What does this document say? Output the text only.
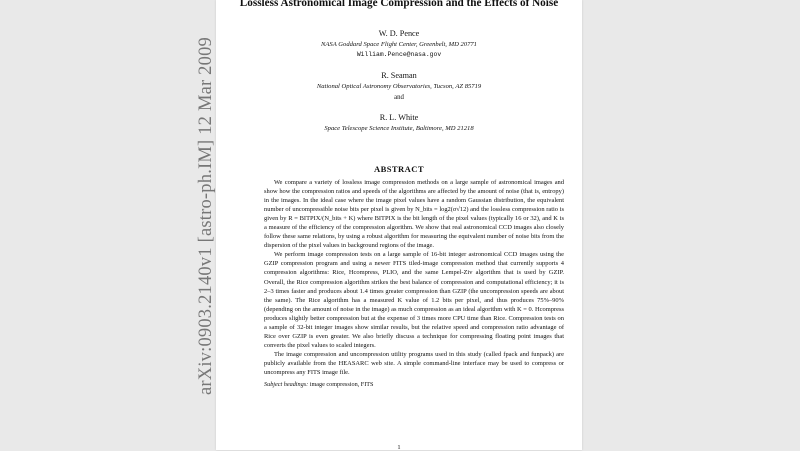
arXiv:0903.2140v1 [astro-ph.IM] 12 Mar 2009
Lossless Astronomical Image Compression and the Effects of Noise
W. D. Pence
NASA Goddard Space Flight Center, Greenbelt, MD 20771
William.Pence@nasa.gov
R. Seaman
National Optical Astronomy Observatories, Tucson, AZ 85719
and
R. L. White
Space Telescope Science Institute, Baltimore, MD 21218
ABSTRACT

We compare a variety of lossless image compression methods on a large sample of astronomical images and show how the compression ratios and speeds of the algorithms are affected by the amount of noise (that is, entropy) in the images. In the ideal case where the image pixel values have a random Gaussian distribution, the equivalent number of uncompressible noise bits per pixel is given by N_bits = log2(σ√12) and the lossless compression ratio is given by R = BITPIX/(N_bits + K) where BITPIX is the bit length of the pixel values (typically 16 or 32), and K is a measure of the efficiency of the compression algorithm. We show that real astronomical CCD images also closely follow these same relations, by using a robust algorithm for measuring the equivalent number of noise bits from the dispersion of the pixel values in background regions of the image.

We perform image compression tests on a large sample of 16-bit integer astronomical CCD images using the GZIP compression program and using a newer FITS tiled-image compression method that currently supports 4 compression algorithms: Rice, Hcompress, PLIO, and the same Lempel-Ziv algorithm that is used by GZIP. Overall, the Rice compression algorithm strikes the best balance of compression and computational efficiency; it is 2–3 times faster and produces about 1.4 times greater compression than GZIP (the uncompression speeds are about the same). The Rice algorithm has a measured K value of 1.2 bits per pixel, and thus produces 75%–90% (depending on the amount of noise in the image) as much compression as an ideal algorithm with K = 0. Hcompress produces slightly better compression but at the expense of 3 times more CPU time than Rice. Compression tests on a sample of 32-bit integer images show similar results, but the relative speed and compression ratio advantage of Rice over GZIP is even greater. We also briefly discuss a technique for compressing floating point images that converts the pixel values to scaled integers.

The image compression and uncompression utility programs used in this study (called fpack and funpack) are publicly available from the HEASARC web site. A simple command-line interface may be used to compress or uncompress any FITS image file.

Subject headings: image compression, FITS
1
